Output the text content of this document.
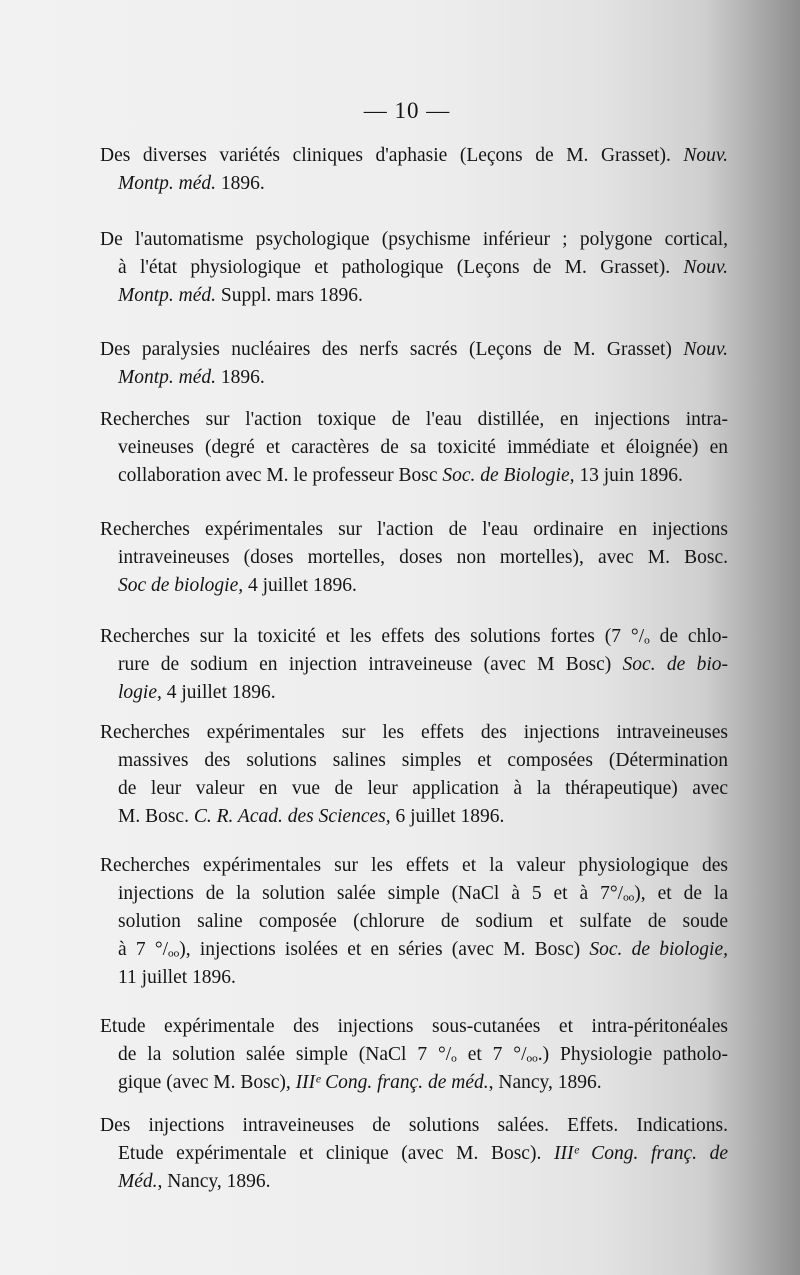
— 10 —
Des diverses variétés cliniques d'aphasie (Leçons de M. Grasset). Nouv.
Montp. méd. 1896.
De l'automatisme psychologique (psychisme inférieur ; polygone cortical,
à l'état physiologique et pathologique (Leçons de M. Grasset). Nouv.
Montp. méd. Suppl. mars 1896.
Des paralysies nucléaires des nerfs sacrés (Leçons de M. Grasset) Nouv.
Montp. méd. 1896.
Recherches sur l'action toxique de l'eau distillée, en injections intra-
veineuses (degré et caractères de sa toxicité immédiate et éloignée) en
collaboration avec M. le professeur Bosc Soc. de Biologie, 13 juin 1896.
Recherches expérimentales sur l'action de l'eau ordinaire en injections
intraveineuses (doses mortelles, doses non mortelles), avec M. Bosc.
Soc de biologie, 4 juillet 1896.
Recherches sur la toxicité et les effets des solutions fortes (7 °/ₒ de chlo-
rure de sodium en injection intraveineuse (avec M Bosc) Soc. de bio-
logie, 4 juillet 1896.
Recherches expérimentales sur les effets des injections intraveineuses
massives des solutions salines simples et composées (Détermination
de leur valeur en vue de leur application à la thérapeutique) avec
M. Bosc. C. R. Acad. des Sciences, 6 juillet 1896.
Recherches expérimentales sur les effets et la valeur physiologique des
injections de la solution salée simple (NaCl à 5 et à 7°/ₒₒ), et de la
solution saline composée (chlorure de sodium et sulfate de soude
à 7 °/ₒₒ), injections isolées et en séries (avec M. Bosc) Soc. de biologie,
11 juillet 1896.
Etude expérimentale des injections sous-cutanées et intra-péritonéales
de la solution salée simple (NaCl 7 °/ₒ et 7 °/ₒₒ.) Physiologie patholo-
gique (avec M. Bosc), IIIᵉ Cong. franç. de méd., Nancy, 1896.
Des injections intraveineuses de solutions salées. Effets. Indications.
Etude expérimentale et clinique (avec M. Bosc). IIIᵉ Cong. franç. de
Méd., Nancy, 1896.
